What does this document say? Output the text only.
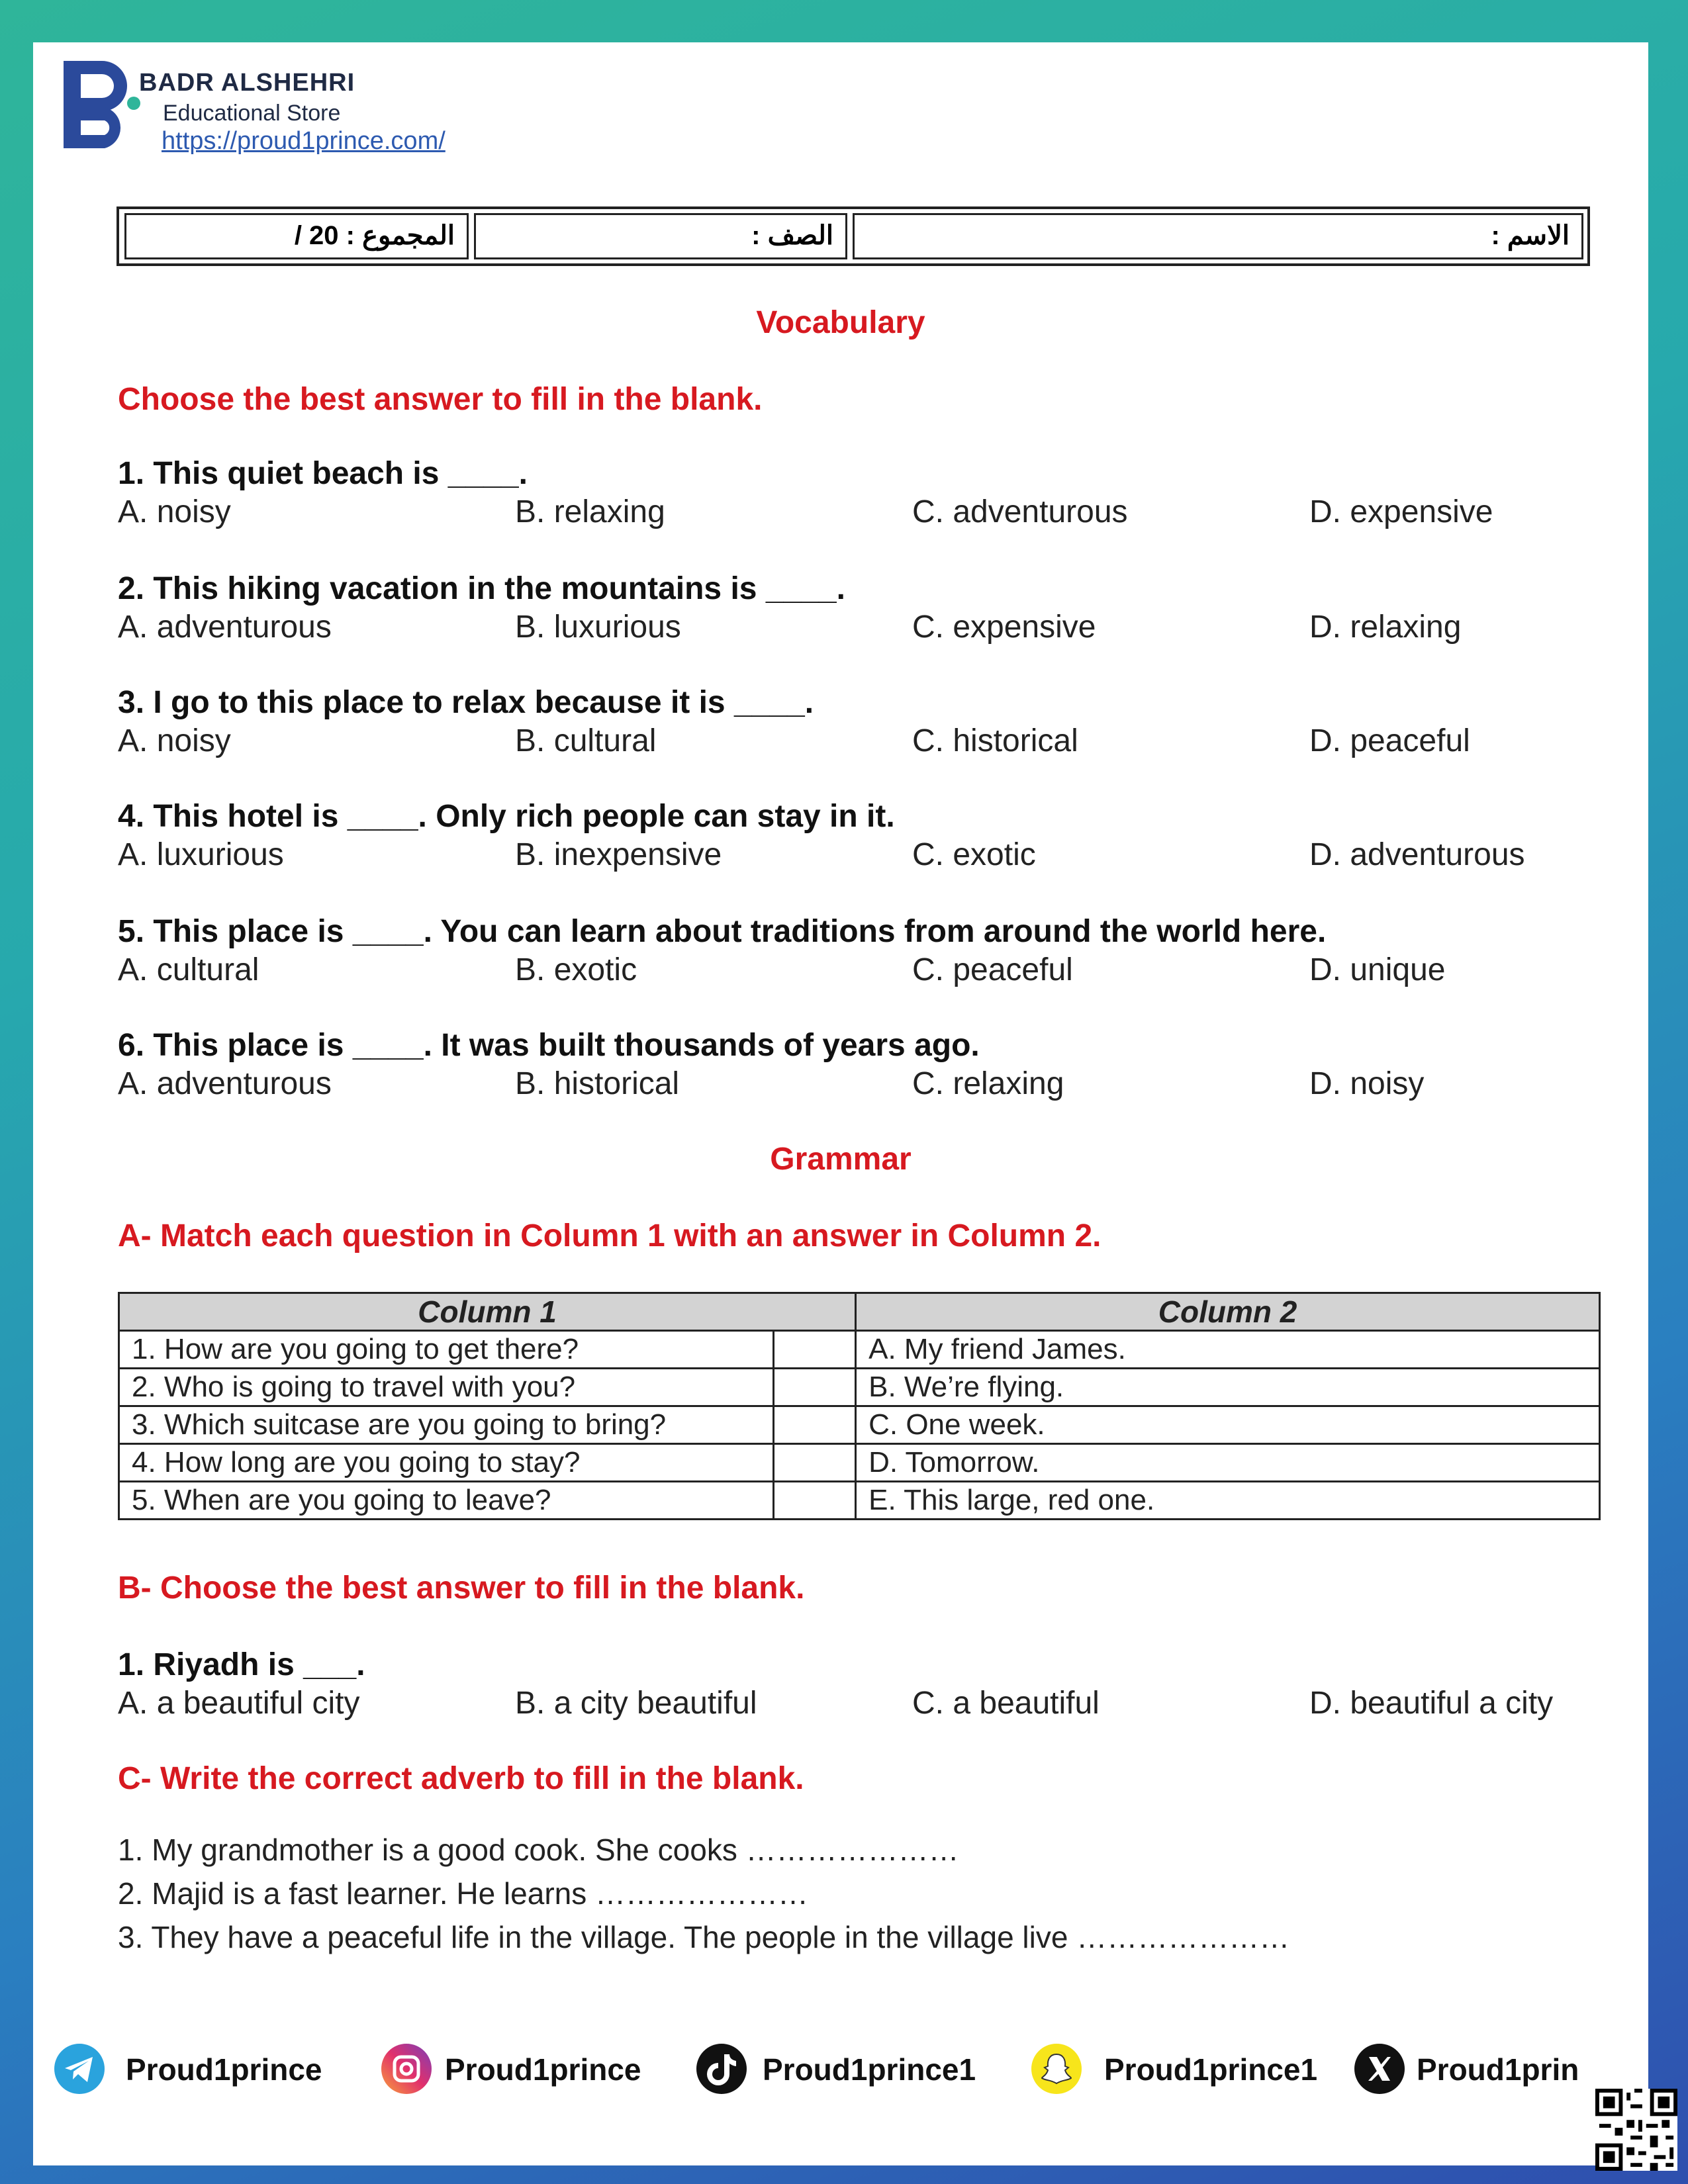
BADR ALSHEHRI
Educational Store
https://proud1prince.com/
المجموع : 20 /	الصف :	الاسم :
Vocabulary
Choose the best answer to fill in the blank.
1. This quiet beach is ____.
A. noisy	B. relaxing	C. adventurous	D. expensive
2. This hiking vacation in the mountains is ____.
A. adventurous	B. luxurious	C. expensive	D. relaxing
3. I go to this place to relax because it is ____.
A. noisy	B. cultural	C. historical	D. peaceful
4. This hotel is ____. Only rich people can stay in it.
A. luxurious	B. inexpensive	C. exotic	D. adventurous
5. This place is ____. You can learn about traditions from around the world here.
A. cultural	B. exotic	C. peaceful	D. unique
6. This place is ____. It was built thousands of years ago.
A. adventurous	B. historical	C. relaxing	D. noisy
Grammar
A- Match each question in Column 1 with an answer in Column 2.
Column 1		Column 2
1. How are you going to get there?		A. My friend James.
2. Who is going to travel with you?		B. We’re flying.
3. Which suitcase are you going to bring?		C. One week.
4. How long are you going to stay?		D. Tomorrow.
5. When are you going to leave?		E. This large, red one.
B- Choose the best answer to fill in the blank.
1. Riyadh is ___.
A. a beautiful city	B. a city beautiful	C. a beautiful	D. beautiful a city
C- Write the correct adverb to fill in the blank.
1. My grandmother is a good cook. She cooks …………………
2. Majid is a fast learner. He learns …………………
3. They have a peaceful life in the village. The people in the village live …………………
Proud1prince	Proud1prince	Proud1prince1	Proud1prince1	Proud1prin
